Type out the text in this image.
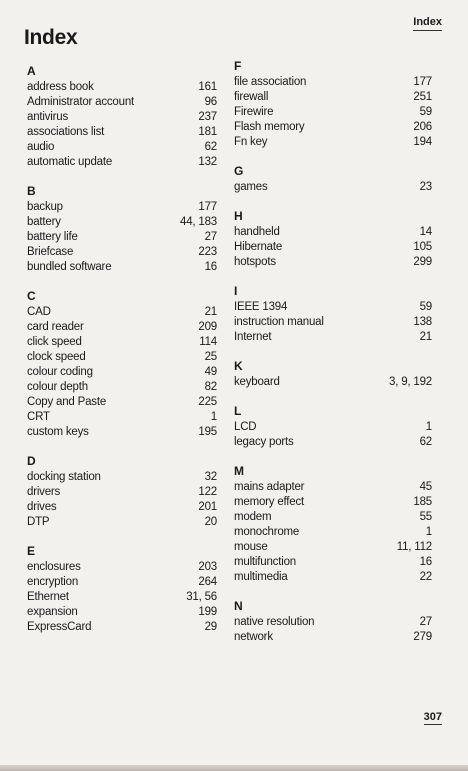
Index
Index
A
address book	161
Administrator account	96
antivirus	237
associations list	181
audio	62
automatic update	132
B
backup	177
battery	44, 183
battery life	27
Briefcase	223
bundled software	16
C
CAD	21
card reader	209
click speed	114
clock speed	25
colour coding	49
colour depth	82
Copy and Paste	225
CRT	1
custom keys	195
D
docking station	32
drivers	122
drives	201
DTP	20
E
enclosures	203
encryption	264
Ethernet	31, 56
expansion	199
ExpressCard	29
F
file association	177
firewall	251
Firewire	59
Flash memory	206
Fn key	194
G
games	23
H
handheld	14
Hibernate	105
hotspots	299
I
IEEE 1394	59
instruction manual	138
Internet	21
K
keyboard	3, 9, 192
L
LCD	1
legacy ports	62
M
mains adapter	45
memory effect	185
modem	55
monochrome	1
mouse	11, 112
multifunction	16
multimedia	22
N
native resolution	27
network	279
307
